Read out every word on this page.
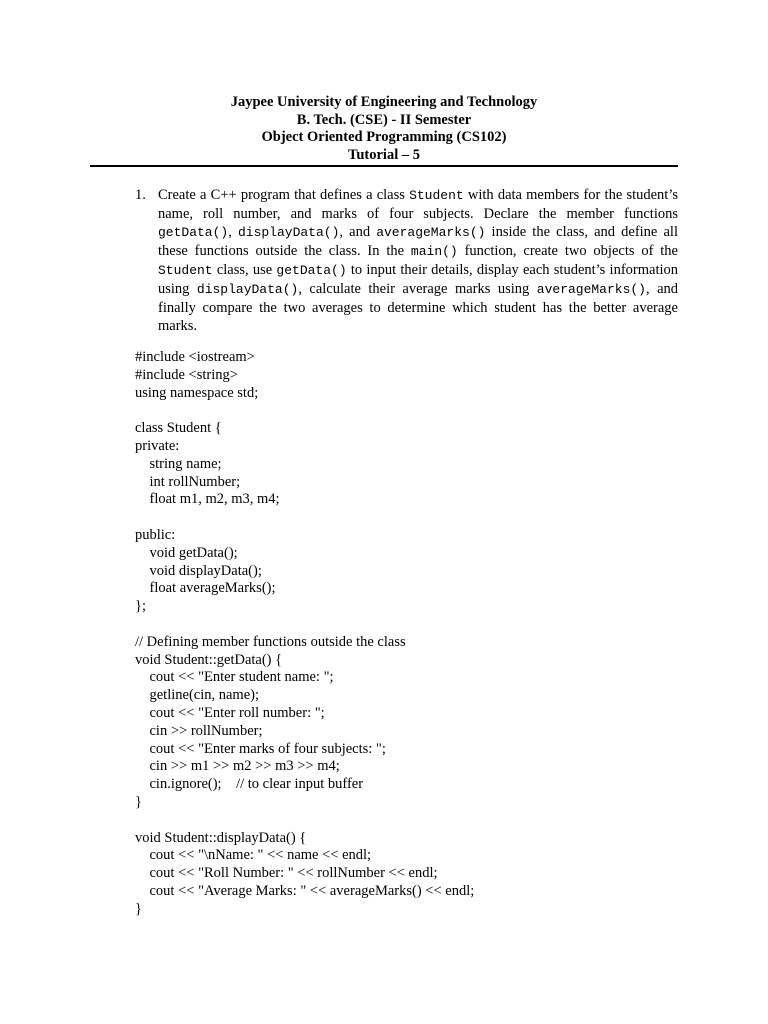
Jaypee University of Engineering and Technology
B. Tech. (CSE) - II Semester
Object Oriented Programming (CS102)
Tutorial – 5
1. Create a C++ program that defines a class Student with data members for the student’s name, roll number, and marks of four subjects. Declare the member functions getData(), displayData(), and averageMarks() inside the class, and define all these functions outside the class. In the main() function, create two objects of the Student class, use getData() to input their details, display each student’s information using displayData(), calculate their average marks using averageMarks(), and finally compare the two averages to determine which student has the better average marks.
#include <iostream>
#include <string>
using namespace std;
class Student {
private:
string name;
int rollNumber;
float m1, m2, m3, m4;
public:
void getData();
void displayData();
float averageMarks();
};
// Defining member functions outside the class
void Student::getData() {
cout << "Enter student name: ";
getline(cin, name);
cout << "Enter roll number: ";
cin >> rollNumber;
cout << "Enter marks of four subjects: ";
cin >> m1 >> m2 >> m3 >> m4;
cin.ignore();    // to clear input buffer
}
void Student::displayData() {
cout << "\nName: " << name << endl;
cout << "Roll Number: " << rollNumber << endl;
cout << "Average Marks: " << averageMarks() << endl;
}
